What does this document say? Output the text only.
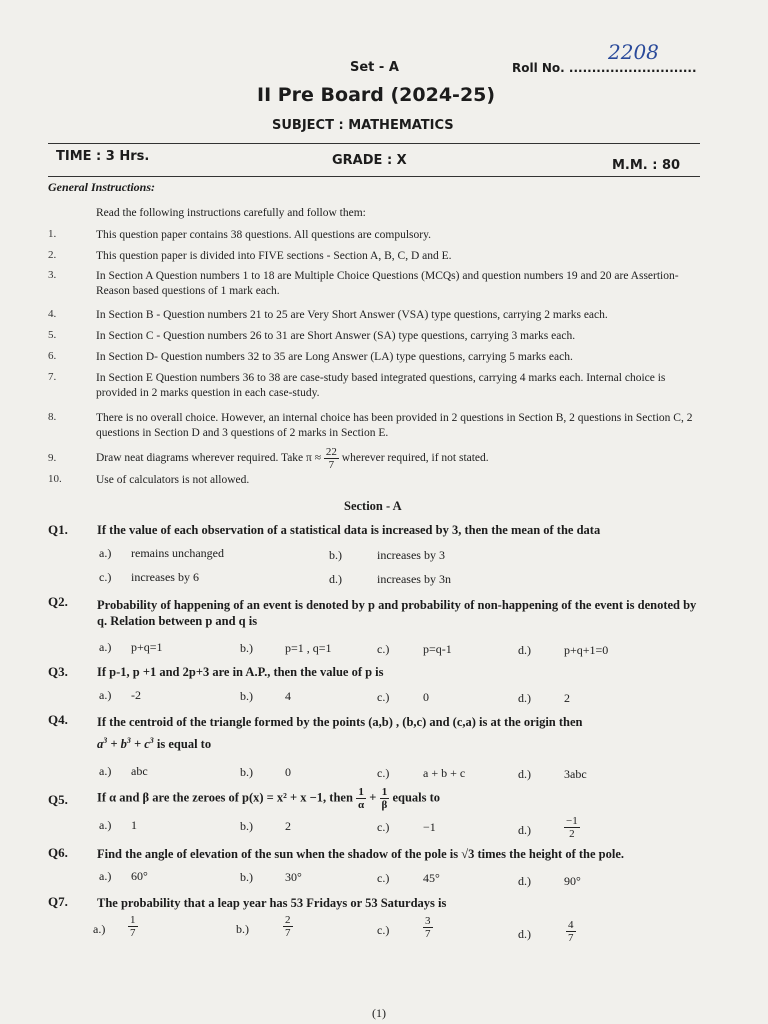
Set - A	Roll No. ............................
2208
II Pre Board (2024-25)
SUBJECT : MATHEMATICS
TIME : 3 Hrs.	GRADE : X	M.M. : 80
General Instructions:
Read the following instructions carefully and follow them:
1.	This question paper contains 38 questions. All questions are compulsory.
2.	This question paper is divided into FIVE sections - Section A, B, C, D and E.
3.	In Section A Question numbers 1 to 18 are Multiple Choice Questions (MCQs) and question numbers 19 and 20 are Assertion-Reason based questions of 1 mark each.
4.	In Section B - Question numbers 21 to 25 are Very Short Answer (VSA) type questions, carrying 2 marks each.
5.	In Section C - Question numbers 26 to 31 are Short Answer (SA) type questions, carrying 3 marks each.
6.	In Section D- Question numbers 32 to 35 are Long Answer (LA) type questions, carrying 5 marks each.
7.	In Section E Question numbers 36 to 38 are case-study based integrated questions, carrying 4 marks each. Internal choice is provided in 2 marks question in each case-study.
8.	There is no overall choice. However, an internal choice has been provided in 2 questions in Section B, 2 questions in Section C, 2 questions in Section D and 3 questions of 2 marks in Section E.
9.	Draw neat diagrams wherever required. Take $\pi \approx \frac{22}{7}$ wherever required, if not stated.
10.	Use of calculators is not allowed.
Section - A
Q1. If the value of each observation of a statistical data is increased by 3, then the mean of the data
a.) remains unchanged	b.)	increases by 3
c.) increases by 6	d.)	increases by 3n
Q2. Probability of happening of an event is denoted by p and probability of non-happening of the event is denoted by q. Relation between p and q is
a.) p+q=1	b.)	p=1 , q=1	c.)	p=q-1	d.)	p+q+1=0
Q3. If p-1, p +1 and 2p+3 are in A.P., then the value of p is
a.) -2	b.)	4	c.)	0	d.)	2
Q4. If the centroid of the triangle formed by the points (a,b) , (b,c) and (c,a) is at the origin then
$a^3 + b^3 + c^3$ is equal to
a.) abc	b.)	0	c.)	a + b + c	d.)	3abc
Q5. If α and β are the zeroes of p(x) = x² + x −1, then $\frac{1}{\alpha} + \frac{1}{\beta}$ equals to
a.) 1	b.)	2	c.)	−1	d.)	$\frac{-1}{2}$
Q6. Find the angle of elevation of the sun when the shadow of the pole is √3 times the height of the pole.
a.) 60°	b.)	30°	c.)	45°	d.)	90°
Q7. The probability that a leap year has 53 Fridays or 53 Saturdays is
$a.) \frac{1}{7}$	b.)	$\frac{2}{7}$	c.)	$\frac{3}{7}$	d.)	$\frac{4}{7}$
(1)
